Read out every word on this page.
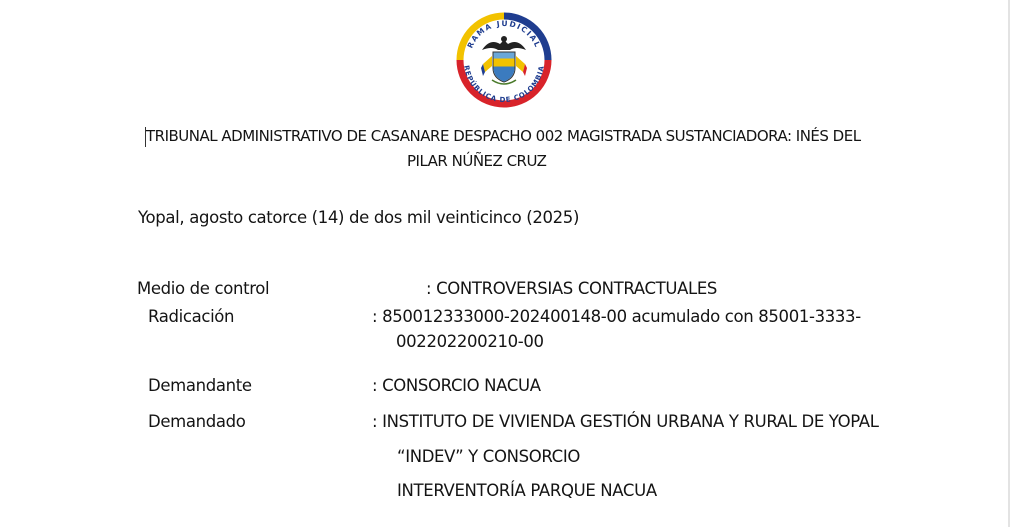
RAMA JUDICIAL
REPÚBLICA DE COLOMBIA
TRIBUNAL ADMINISTRATIVO DE CASANARE DESPACHO 002 MAGISTRADA SUSTANCIADORA: INÉS DEL
PILAR NÚÑEZ CRUZ
Yopal, agosto catorce (14) de dos mil veinticinco (2025)
Medio de control	: CONTROVERSIAS CONTRACTUALES
Radicación	: 850012333000-202400148-00 acumulado con 85001-3333-
002202200210-00
Demandante	: CONSORCIO NACUA
Demandado	: INSTITUTO DE VIVIENDA GESTIÓN URBANA Y RURAL DE YOPAL
“INDEV” Y CONSORCIO
INTERVENTORÍA PARQUE NACUA
